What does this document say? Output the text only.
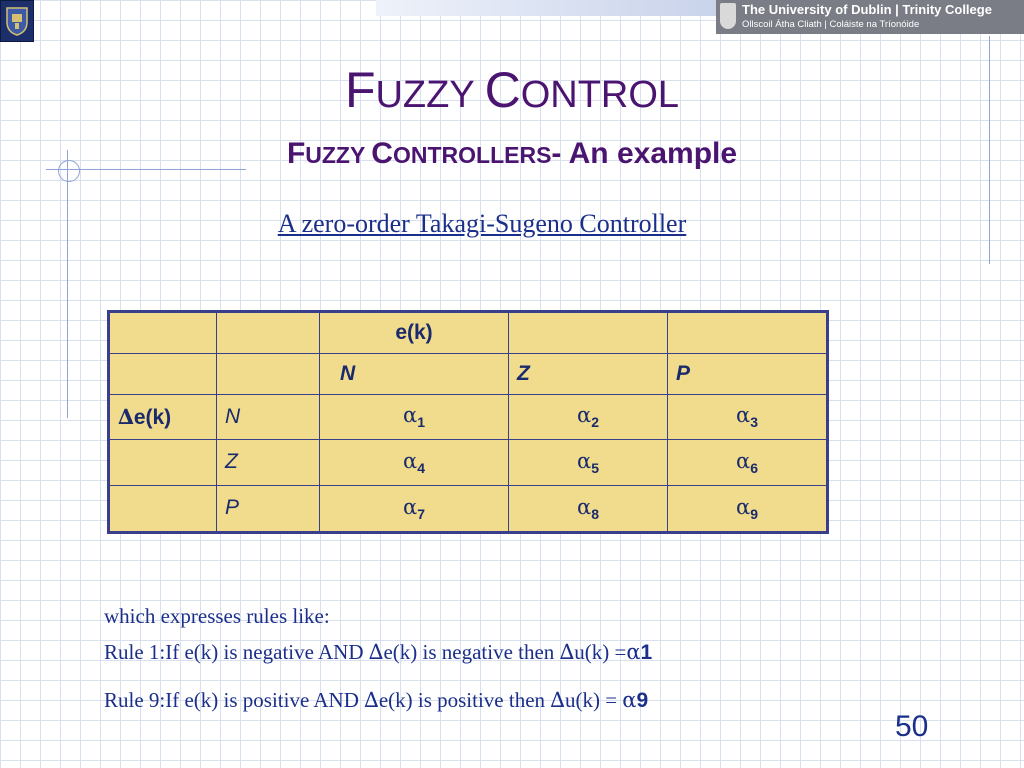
The University of Dublin | Trinity College
Ollscoil Átha Cliath | Coláiste na Tríonóide
FUZZY CONTROL
FUZZY CONTROLLERS- An example
A zero-order Takagi-Sugeno Controller
		e(k)		
		N	Z	P
∆e(k)	N	$\alpha_1$	$\alpha_2$	$\alpha_3$
	Z	$\alpha_4$	$\alpha_5$	$\alpha_6$
	P	$\alpha_7$	$\alpha_8$	$\alpha_9$
which expresses rules like:
Rule 1:If e(k) is negative AND ∆e(k) is negative then ∆u(k) =α1
Rule 9:If e(k) is positive AND ∆e(k) is positive then ∆u(k) = α9
50
